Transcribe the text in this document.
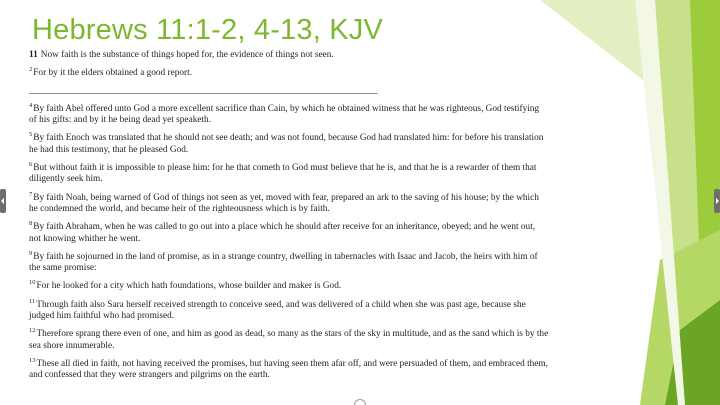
Hebrews 11:1-2, 4-13, KJV

11 Now faith is the substance of things hoped for, the evidence of things not seen.

$^2$For by it the elders obtained a good report.

______________________________________________________________________________________

$^4$By faith Abel offered unto God a more excellent sacrifice than Cain, by which he obtained witness that he was righteous, God testifying of his gifts: and by it he being dead yet speaketh.

$^5$By faith Enoch was translated that he should not see death; and was not found, because God had translated him: for before his translation he had this testimony, that he pleased God.

$^6$But without faith it is impossible to please him: for he that cometh to God must believe that he is, and that he is a rewarder of them that diligently seek him.

$^7$By faith Noah, being warned of God of things not seen as yet, moved with fear, prepared an ark to the saving of his house; by the which he condemned the world, and became heir of the righteousness which is by faith.

$^8$By faith Abraham, when he was called to go out into a place which he should after receive for an inheritance, obeyed; and he went out, not knowing whither he went.

$^9$By faith he sojourned in the land of promise, as in a strange country, dwelling in tabernacles with Isaac and Jacob, the heirs with him of the same promise:

$^{10}$For he looked for a city which hath foundations, whose builder and maker is God.

$^{11}$Through faith also Sara herself received strength to conceive seed, and was delivered of a child when she was past age, because she judged him faithful who had promised.

$^{12}$Therefore sprang there even of one, and him as good as dead, so many as the stars of the sky in multitude, and as the sand which is by the sea shore innumerable.

$^{13}$These all died in faith, not having received the promises, but having seen them afar off, and were persuaded of them, and embraced them, and confessed that they were strangers and pilgrims on the earth.
